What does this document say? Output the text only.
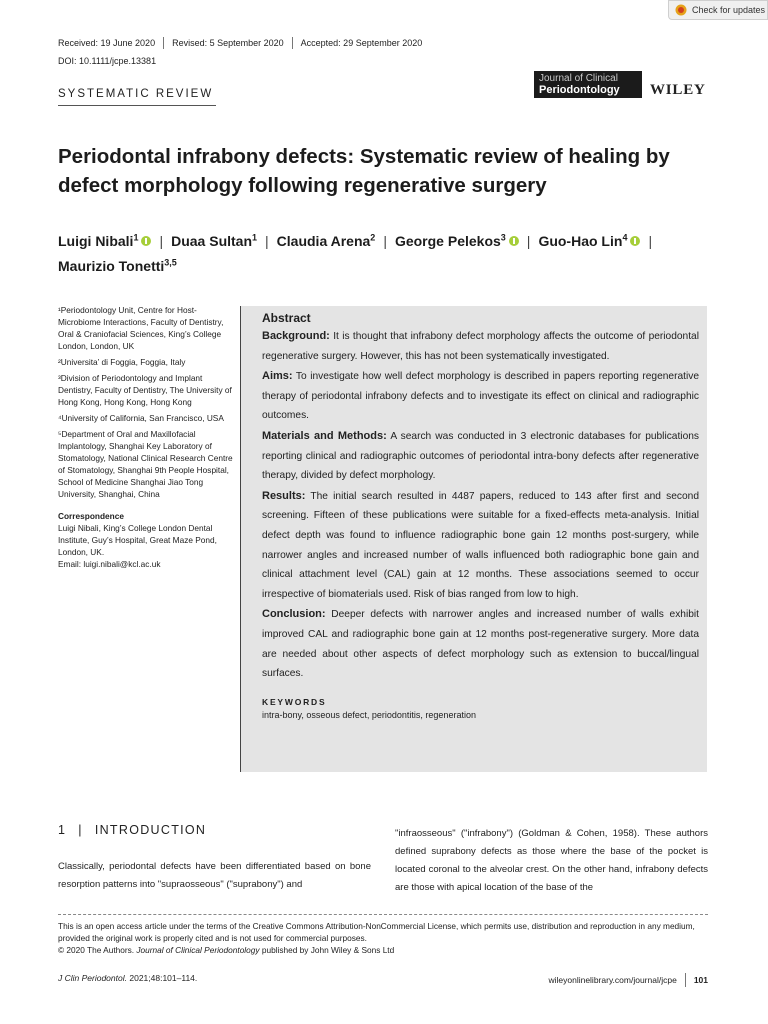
Check for updates
Received: 19 June 2020 Revised: 5 September 2020 Accepted: 29 September 2020
DOI: 10.1111/jcpe.13381
Journal of Clinical
Periodontology	WILEY
SYSTEMATIC REVIEW
Periodontal infrabony defects: Systematic review of healing by defect morphology following regenerative surgery
Luigi Nibali$^1$ | Duaa Sultan$^1$ | Claudia Arena$^2$ | George Pelekos$^3$ | Guo-Hao Lin$^4$ |
Maurizio Tonetti$^{3,5}$

¹Periodontology Unit, Centre for Host-Microbiome Interactions, Faculty of Dentistry, Oral & Craniofacial Sciences, King’s College London, London, UK

²Universita’ di Foggia, Foggia, Italy

³Division of Periodontology and Implant Dentistry, Faculty of Dentistry, The University of Hong Kong, Hong Kong, Hong Kong

⁴University of California, San Francisco, USA

⁵Department of Oral and Maxillofacial Implantology, Shanghai Key Laboratory of Stomatology, National Clinical Research Centre of Stomatology, Shanghai 9th People Hospital, School of Medicine Shanghai Jiao Tong University, Shanghai, China

Correspondence

Luigi Nibali, King’s College London Dental Institute, Guy’s Hospital, Great Maze Pond, London, UK.

Email: luigi.nibali@kcl.ac.uk

Abstract

Background: It is thought that infrabony defect morphology affects the outcome of periodontal regenerative surgery. However, this has not been systematically investigated.

Aims: To investigate how well defect morphology is described in papers reporting regenerative therapy of periodontal infrabony defects and to investigate its effect on clinical and radiographic outcomes.

Materials and Methods: A search was conducted in 3 electronic databases for publications reporting clinical and radiographic outcomes of periodontal intra-bony defects after regenerative therapy, divided by defect morphology.

Results: The initial search resulted in 4487 papers, reduced to 143 after first and second screening. Fifteen of these publications were suitable for a fixed-effects meta-analysis. Initial defect depth was found to influence radiographic bone gain 12 months post-surgery, while narrower angles and increased number of walls influenced both radiographic bone gain and clinical attachment level (CAL) gain at 12 months. These associations seemed to occur irrespective of biomaterials used. Risk of bias ranged from low to high.

Conclusion: Deeper defects with narrower angles and increased number of walls exhibit improved CAL and radiographic bone gain at 12 months post-regenerative surgery. More data are needed about other aspects of defect morphology such as extension to buccal/lingual surfaces.

KEYWORDS
intra-bony, osseous defect, periodontitis, regeneration
1 | INTRODUCTION
Classically, periodontal defects have been differentiated based on bone resorption patterns into "supraosseous" ("suprabony") and
"infraosseous" ("infrabony") (Goldman & Cohen, 1958). These authors defined suprabony defects as those where the base of the pocket is located coronal to the alveolar crest. On the other hand, infrabony defects are those with apical location of the base of the

This is an open access article under the terms of the Creative Commons Attribution-NonCommercial License, which permits use, distribution and reproduction in any medium, provided the original work is properly cited and is not used for commercial purposes.

© 2020 The Authors. Journal of Clinical Periodontology published by John Wiley & Sons Ltd

J Clin Periodontol. 2021;48:101–114.	wileyonlinelibrary.com/journal/jcpe 101
